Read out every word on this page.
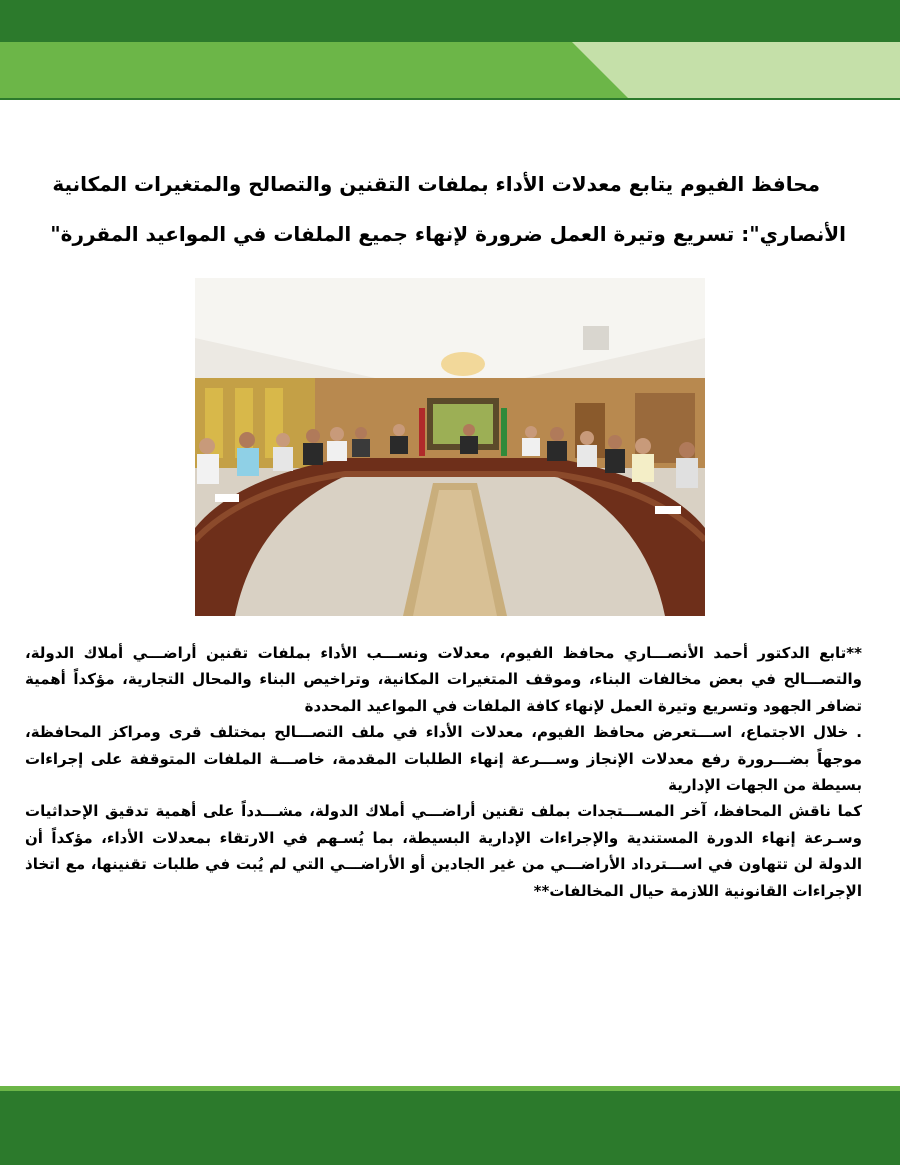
محافظ الفيوم يتابع معدلات الأداء بملفات التقنين والتصالح والمتغيرات المكانية
الأنصاري": تسريع وتيرة العمل ضرورة لإنهاء جميع الملفات في المواعيد المقررة"

**تابع الدكتور أحمد الأنصـــاري محافظ الفيوم، معدلات ونســـب الأداء بملفات تقنين أراضـــي أملاك الدولة، والتصـــالح في بعض مخالفات البناء، وموقف المتغيرات المكانية، وتراخيص البناء والمحال التجارية، مؤكداً أهمية تضافر الجهود وتسريع وتيرة العمل لإنهاء كافة الملفات في المواعيد المحددة

. خلال الاجتماع، اســـتعرض محافظ الفيوم، معدلات الأداء في ملف التصـــالح بمختلف قرى ومراكز المحافظة، موجهاً بضـــرورة رفع معدلات الإنجاز وســـرعة إنهاء الطلبات المقدمة، خاصـــة الملفات المتوقفة على إجراءات بسيطة من الجهات الإدارية

كما ناقش المحافظ، آخر المســـتجدات بملف تقنين أراضـــي أملاك الدولة، مشـــدداً على أهمية تدقيق الإحداثيات وسـرعة إنهاء الدورة المستندية والإجراءات الإدارية البسيطة، بما يُسـهم في الارتقاء بمعدلات الأداء، مؤكداً أن الدولة لن تتهاون في اســـترداد الأراضـــي من غير الجادين أو الأراضـــي التي لم يُبت في طلبات تقنينها، مع اتخاذ الإجراءات القانونية اللازمة حيال المخالفات**
